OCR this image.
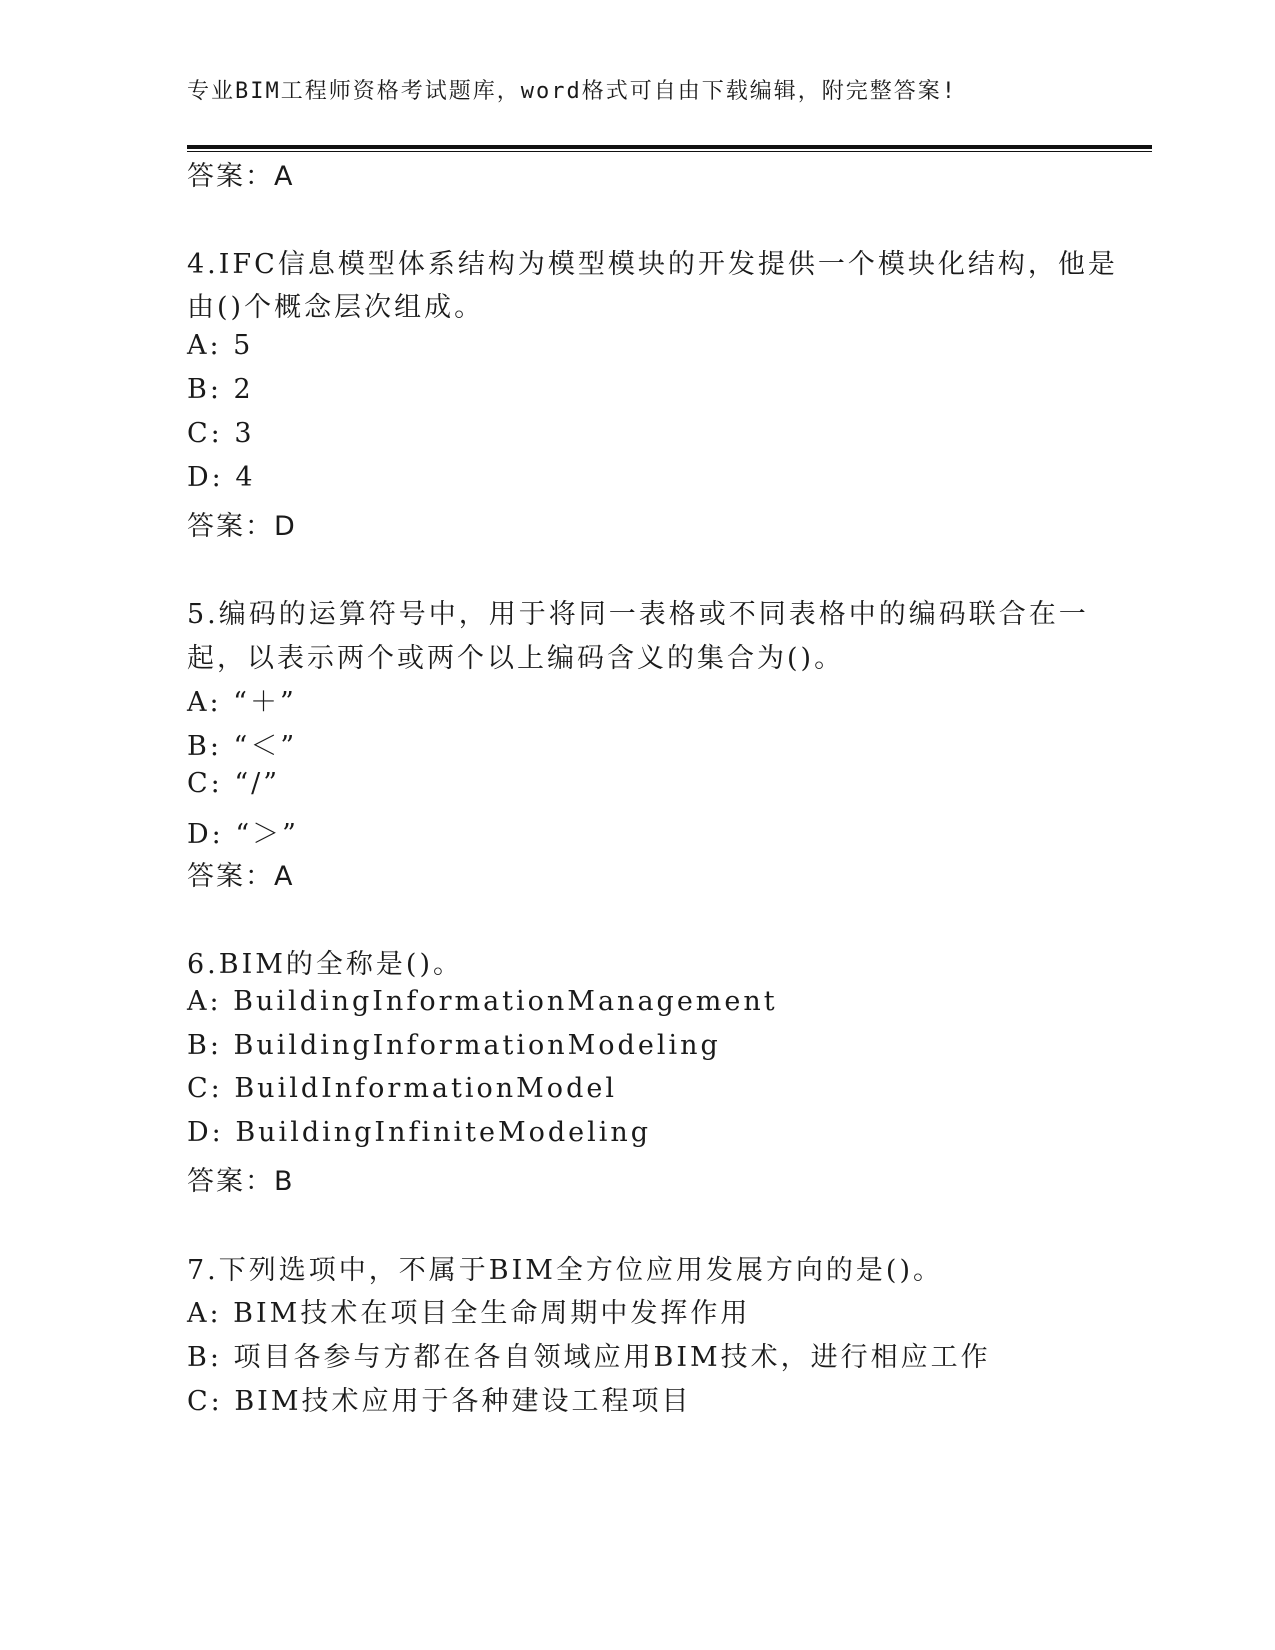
专业BIM工程师资格考试题库，word格式可自由下载编辑，附完整答案!
答案：A
4.IFC信息模型体系结构为模型模块的开发提供一个模块化结构，他是
由()个概念层次组成。
A: 5
B: 2
C: 3
D: 4
答案：D
5.编码的运算符号中，用于将同一表格或不同表格中的编码联合在一
起，以表示两个或两个以上编码含义的集合为()。
A: “＋”
B: “＜”
C: “/”
D: “＞”
答案：A
6.BIM的全称是()。
A: BuildingInformationManagement
B: BuildingInformationModeling
C: BuildInformationModel
D: BuildingInfiniteModeling
答案：B
7.下列选项中，不属于BIM全方位应用发展方向的是()。
A: BIM技术在项目全生命周期中发挥作用
B: 项目各参与方都在各自领域应用BIM技术，进行相应工作
C: BIM技术应用于各种建设工程项目
